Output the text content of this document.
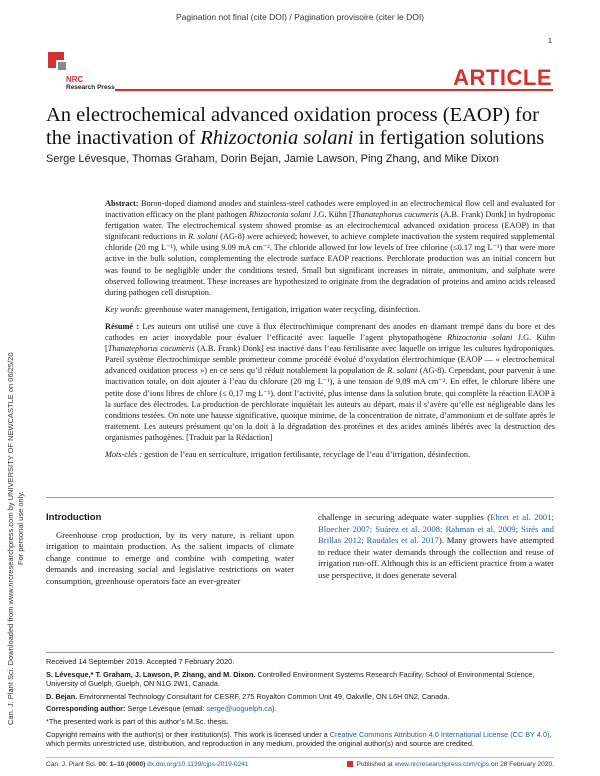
Pagination not final (cite DOI) / Pagination provisoire (citer le DOI)
1
NRC
Research Press	ARTICLE
An electrochemical advanced oxidation process (EAOP) for the inactivation of Rhizoctonia solani in fertigation solutions
Serge Lévesque, Thomas Graham, Dorin Bejan, Jamie Lawson, Ping Zhang, and Mike Dixon
Can. J. Plant Sci. Downloaded from www.nrcresearchpress.com by UNIVERSITY OF NEWCASTLE on 06/25/20 For personal use only.

Abstract: Boron-doped diamond anodes and stainless-steel cathodes were employed in an electrochemical flow cell and evaluated for inactivation efficacy on the plant pathogen Rhizoctonia solani J.G. Kühn [Thanatephorus cucumeris (A.B. Frank) Donk] in hydroponic fertigation water. The electrochemical system showed promise as an electrochemical advanced oxidation process (EAOP) in that significant reductions in R. solani (AG-8) were achieved; however, to achieve complete inactivation the system required supplemental chloride (20 mg L⁻¹), while using 9.09 mA cm⁻². The chloride allowed for low levels of free chlorine (≤0.17 mg L⁻¹) that were more active in the bulk solution, complementing the electrode surface EAOP reactions. Perchlorate production was an initial concern but was found to be negligible under the conditions tested. Small but significant increases in nitrate, ammonium, and sulphate were observed following treatment. These increases are hypothesized to originate from the degradation of proteins and amino acids released during pathogen cell disruption.

Key words: greenhouse water management, fertigation, irrigation water recycling, disinfection.

Résumé : Les auteurs ont utilisé une cuve à flux électrochimique comprenant des anodes en diamant trempé dans du bore et des cathodes en acier inoxydable pour évaluer l’efficacité avec laquelle l’agent phytopathogène Rhizoctonia solani J.G. Kühn [Thanatephorus cucumeris (A.B. Frank) Donk] est inactivé dans l’eau fertilisante avec laquelle on irrigue les cultures hydroponiques. Pareil système électrochimique semble prometteur comme procédé évolué d’oxydation électrochimique (EAOP — « electrochemical advanced oxidation process ») en ce sens qu’il réduit notablement la population de R. solani (AG-8). Cependant, pour parvenir à une inactivation totale, on doit ajouter à l’eau du chlorure (20 mg L⁻¹), à une tension de 9,09 mA cm⁻². En effet, le chlorure libère une petite dose d’ions libres de chlore (≤ 0,17 mg L⁻¹), dont l’activité, plus intense dans la solution brute, qui complète la réaction EAOP à la surface des électrodes. La production de perchlorate inquiétait les auteurs au départ, mais il s’avère qu’elle est négligeable dans les conditions testées. On note une hausse significative, quoique minime, de la concentration de nitrate, d’ammonium et de sulfate après le traitement. Les auteurs présument qu’on la doit à la dégradation des protéines et des acides aminés libérés avec la destruction des organismes pathogènes. [Traduit par la Rédaction]

Mots-clés : gestion de l’eau en serriculture, irrigation fertilisante, recyclage de l’eau d’irrigation, désinfection.

Introduction

Greenhouse crop production, by its very nature, is reliant upon irrigation to maintain production. As the salient impacts of climate change continue to emerge and combine with competing water demands and increasing social and legislative restrictions on water consumption, greenhouse operators face an ever-greater

challenge in securing adequate water supplies (Ehret et al. 2001; Bloecher 2007; Suárez et al. 2008; Rahman et al. 2009; Sirés and Brillas 2012; Raudales et al. 2017). Many growers have attempted to reduce their water demands through the collection and reuse of irrigation run-off. Although this is an efficient practice from a water use perspective, it does generate several

Received 14 September 2019. Accepted 7 February 2020.

S. Lévesque,* T. Graham, J. Lawson, P. Zhang, and M. Dixon. Controlled Environment Systems Research Facility, School of Environmental Science, University of Guelph, Guelph, ON N1G 2W1, Canada.

D. Bejan. Environmental Technology Consultant for CESRF, 275 Royalton Common Unit 49, Oakville, ON L6H 0N2, Canada.

Corresponding author: Serge Lévesque (email: serge@uoguelph.ca).

*The presented work is part of this author’s M.Sc. thesis.

Copyright remains with the author(s) or their institution(s). This work is licensed under a Creative Commons Attribution 4.0 International License (CC BY 4.0), which permits unrestricted use, distribution, and reproduction in any medium, provided the original author(s) and source are credited.

Can. J. Plant Sci. 00: 1–10 (0000) dx.doi.org/10.1139/cjps-2019-0241	Published at www.nrcresearchpress.com/cjps on 28 February 2020.
